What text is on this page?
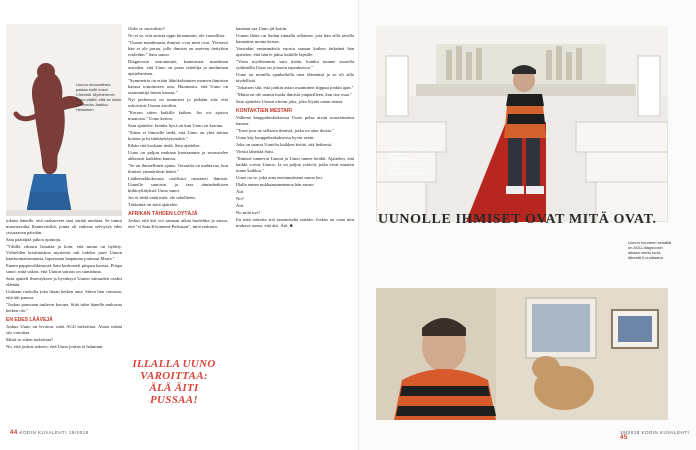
Uunon muovailema patsas esitti ensin Cheekiä. Myöhemmin Uuno päätti, että se onkin enemmän Jaakko-Heikkinen.

tokaisi hänelle, että urahaaveet saat siirtää unohtaa. Se tuntui musertavalta Ilantersiisiltä, jonna oli vaikeaa selviytyä edes sivuraavan päivään.

Sata päättäjää jatkoa opintoja.

"Välillä vihasin Ismalaa ja koin, että minut on hylätty. Välttelilen kristinuskon mysteerit tuli todeksi jaset Uunon kaartuomattomuutta, lapsestaan laaputaan joutunut Marta."

Ennen pappisvihkimystä Satu keskusteli piispan kanssa. Piispa sanoi: mitä uskon, että Uunon sairaus on siunattuna.

Satu ajatteli ilmestyksen ja hyväksyä Uunon sairauden osaksi elämää.

Uuhtaan ruokolla joka iltaan hetken aina. Sitten hän varustaa, että äiti paussa.

"Joskus paussaan tuulevat kotona. Siitä tulee hänelle mukavaa hetken olo."

EN EDES LÄÄVEJÄ

Joskus Uuno on levoton, mitä AGU-tarkoittaa. Ainoa näistä siis varoittaa.

Mistä se sitten tarkoittaa?

No, että joskus uskoisi, että Uuno joskus ei halunnut.

Onko se vaaralista?

No ei se, että autista oppii hitaammin, ole vaarallista.

"Uunon maailmassa ihmiset ovat mitä ovat. Yleisesti hän ei ole jarrua, jolle ihmiset on asetettu tiettyihin rooleihin." Satu sanoo.

Diagnoosia seurannutet, kaantuvaat maailman asioiden, että Uuno on paras taiteilija ja unelmiaan ajattelemisen.

"Symmetria on erään lähtökohtainen monien ihmisten kanssa toimimisen asia. Huomasin, että Uuno on asiantuntija lasten kanssa."

Nyt perheessä on tuntuneet jo pitkään sitä, että uskoisivat Uunon asioihin.

"Kerran sitten kaikille kaiken. Jos ois ajoissa muutosta." Uuno kertoo.

Satu ajattelee, kuinka hyvä on kun Uuno on kotona.

"Sitten ei ihmisille tiedä, että Uuno on yhtä mittaa kotona ja hyvänkäyttäytymättä."

Eihän sitä koskaan tiedä. Satu ajattelee.

Uuno on paljon mukana kanssamme ja seurustelee ahkerasti kaikkien kanssa.

"Se on ihmeellinen ajatus. Toisaalta on mahtavaa, kun ihmiset ymmärtävät häntä."

Lääkemekkokousta osallistui runsaasti ihmisiä. Uunolle sanoivat ja taas tämänhetkisen hiihtoyllätyksiä Uuno sanoi.

Jos et tiedä enää mitä, ole rehellinen.

Tärkeintä on mitä ajattelee.

AFRIKAN TÄHDEN LOYTÄJÄ

Joskus että äiti voi samaan aikaa huolehtia ja sanoa, että "ei Satu Kiviniemi-Pulsusari", mitä raskasta.

ILLALLA UUNO VAROITTAA: ÄLÄ ÄITI PUSSAA!

kantaan saa Uuno jäi kotiin.

Uunon lähes on Sadun rinnalla sellaisen, jota hän sillä tavalla kannattaa monta kertaa.

Varsinkin ensimmäisiä vuosia sanaan kaiken tärkeänä hän ajattelee, että hän ei jaksa kaikille lapsille.

"Vasta myöhemmin sain tietää, kuinka tuonne suurella sydämellä Uuno on joissain tapauksessa."

Uuno on monilla ajanhetkillä oma elämänsä ja se oli sille täydellistä.

"Jokaisen sitä, että jonkin asian osaaminen riippuu jonkin ajan."

"Mutta en ole saanut tuoda ihmisiä ympärilleen, kun itse osaa."

Satu ajattelee Uunon elevan joka, joka löytää oman tiensä.

KONTAKTIEN MESTARI

Valkean kauppakeskuksessa Uuno pelaa aivan seuralaisensa kanssa.

"Toset juur ne sellaisia ihmisiä, jotka on aina iloisia."

Uuno käy kauppakeskuksessa hyvin usein.

Joka on saanut Uunolta kaikken tietää, sitä hetkessä.

Viestit lähettää Satu.

"Ihmiset tunnevat Uunon ja Uuno tuntee heidät. Ajattelen, että kaikki voivat Uunoa. Ja on paljon ystäviä, jotka eivät muuten tunne kaikkia."

Uuno on se, joka aina ensimmäisenä sanoo hei.

Illalla ennen nukkumaanmenoa hän sanoo:

Äiti

No?

Äiti.

No mitä nyt?

En mää tarkoita sitä sanomiselta mitään. Joskus on vaan niin mukava sanoa, että äiti. Äiti. ■

44 KODIN KUVALEHTI 19/2018
Hoitajan Klemolan Uuno ja tämän isän ehtoollispöydän vaihtoehdon vieressä. "Kaikki uuteen ja tosi tärkeää", Uuno huomasi.
UUNOLLE IHMISET OVAT MITÄ OVAT.
Uunon huoneen seinällä on AGU-diagnoosin aikaan otettu kuva lähestä Ii-vuotiaana.
19/2018 KODIN KUVALEHTI 45
